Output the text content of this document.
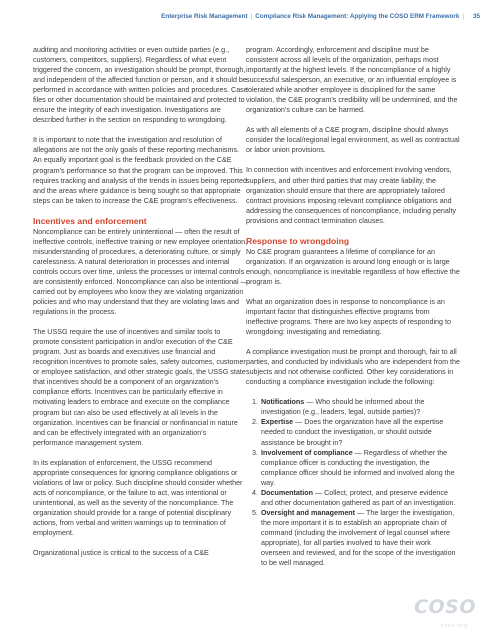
Enterprise Risk Management | Compliance Risk Management: Applying the COSO ERM Framework | 35

auditing and monitoring activities or even outside parties (e.g., customers, competitors, suppliers). Regardless of what event triggered the concern, an investigation should be prompt, thorough, and independent of the affected function or person, and it should be performed in accordance with written policies and procedures. Case files or other documentation should be maintained and protected to ensure the integrity of each investigation. Investigations are described further in the section on responding to wrongdoing.

It is important to note that the investigation and resolution of allegations are not the only goals of these reporting mechanisms. An equally important goal is the feedback provided on the C&E program’s performance so that the program can be improved. This requires tracking and analysis of the trends in issues being reported and the areas where guidance is being sought so that appropriate steps can be taken to increase the C&E program’s effectiveness.

Incentives and enforcement

Noncompliance can be entirely unintentional — often the result of ineffective controls, ineffective training or new employee orientation, misunderstanding of procedures, a deteriorating culture, or simply carelessness. A natural deterioration in processes and internal controls occurs over time, unless the processes or internal controls are consistently enforced. Noncompliance can also be intentional — carried out by employees who know they are violating organization policies and who may understand that they are violating laws and regulations in the process.

The USSG require the use of incentives and similar tools to promote consistent participation in and/or execution of the C&E program. Just as boards and executives use financial and recognition incentives to promote sales, safety outcomes, customer or employee satisfaction, and other strategic goals, the USSG state that incentives should be a component of an organization’s compliance efforts. Incentives can be particularly effective in motivating leaders to embrace and execute on the compliance program but can also be used effectively at all levels in the organization. Incentives can be financial or nonfinancial in nature and can be effectively integrated with an organization’s performance management system.

In its explanation of enforcement, the USSG recommend appropriate consequences for ignoring compliance obligations or violations of law or policy. Such discipline should consider whether acts of noncompliance, or the failure to act, was intentional or unintentional, as well as the severity of the noncompliance. The organization should provide for a range of potential disciplinary actions, from verbal and written warnings up to termination of employment.

Organizational justice is critical to the success of a C&E

program. Accordingly, enforcement and discipline must be consistent across all levels of the organization, perhaps most importantly at the highest levels. If the noncompliance of a highly successful salesperson, an executive, or an influential employee is tolerated while another employee is disciplined for the same violation, the C&E program’s credibility will be undermined, and the organization’s culture can be harmed.

As with all elements of a C&E program, discipline should always consider the local/regional legal environment, as well as contractual or labor union provisions.

In connection with incentives and enforcement involving vendors, suppliers, and other third parties that may create liability, the organization should ensure that there are appropriately tailored contract provisions imposing relevant compliance obligations and addressing the consequences of noncompliance, including penalty provisions and contract termination clauses.

Response to wrongdoing

No C&E program guarantees a lifetime of compliance for an organization. If an organization is around long enough or is large enough, noncompliance is inevitable regardless of how effective the program is.

What an organization does in response to noncompliance is an important factor that distinguishes effective programs from ineffective programs. There are two key aspects of responding to wrongdoing: investigating and remediating.

A compliance investigation must be prompt and thorough, fair to all parties, and conducted by individuals who are independent from the subjects and not otherwise conflicted. Other key considerations in conducting a compliance investigation include the following:

1. Notifications — Who should be informed about the investigation (e.g., leaders, legal, outside parties)?
2. Expertise — Does the organization have all the expertise needed to conduct the investigation, or should outside assistance be brought in?
3. Involvement of compliance — Regardless of whether the compliance officer is conducting the investigation, the compliance officer should be informed and involved along the way.
4. Documentation — Collect, protect, and preserve evidence and other documentation gathered as part of an investigation.
5. Oversight and management — The larger the investigation, the more important it is to establish an appropriate chain of command (including the involvement of legal counsel where appropriate), for all parties involved to have their work overseen and reviewed, and for the scope of the investigation to be well managed.
COSO
coso.org
